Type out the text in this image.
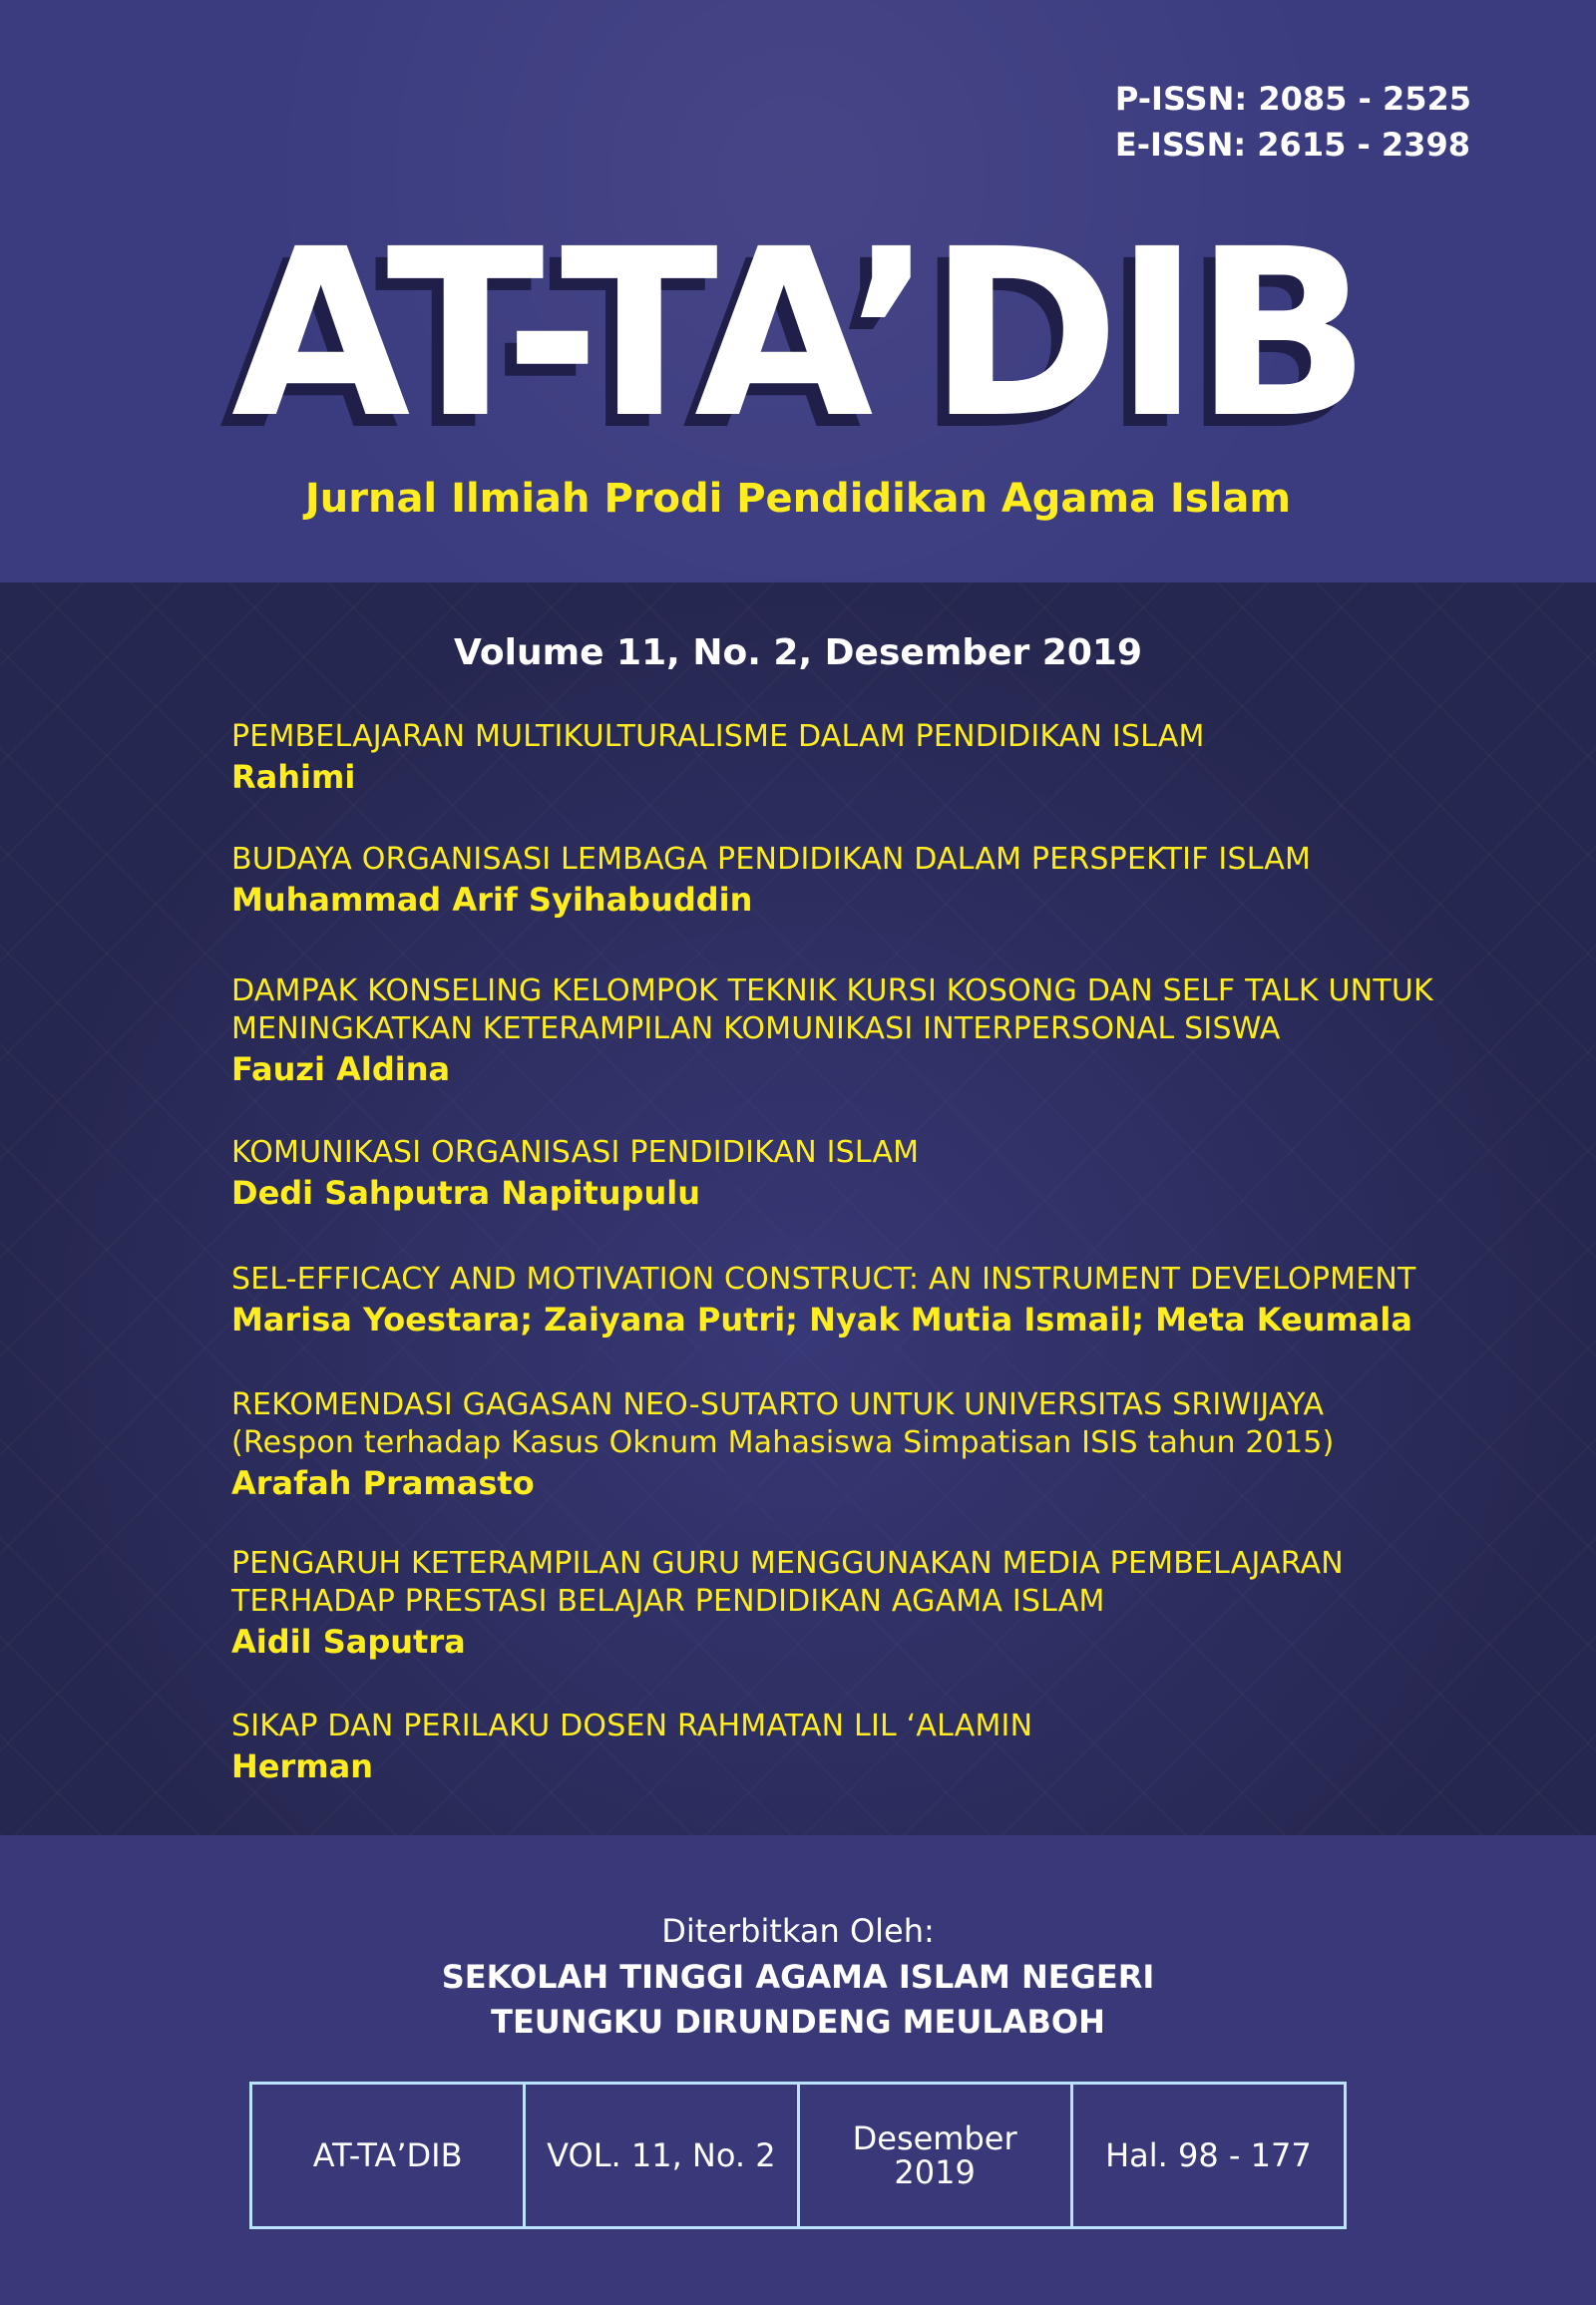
P-ISSN: 2085 - 2525
E-ISSN: 2615 - 2398
AT-TA’DIB
Jurnal Ilmiah Prodi Pendidikan Agama Islam
Volume 11, No. 2, Desember 2019
PEMBELAJARAN MULTIKULTURALISME DALAM PENDIDIKAN ISLAM
Rahimi
BUDAYA ORGANISASI LEMBAGA PENDIDIKAN DALAM PERSPEKTIF ISLAM
Muhammad Arif Syihabuddin
DAMPAK KONSELING KELOMPOK TEKNIK KURSI KOSONG DAN SELF TALK UNTUK
MENINGKATKAN KETERAMPILAN KOMUNIKASI INTERPERSONAL SISWA
Fauzi Aldina
KOMUNIKASI ORGANISASI PENDIDIKAN ISLAM
Dedi Sahputra Napitupulu
SEL-EFFICACY AND MOTIVATION CONSTRUCT: AN INSTRUMENT DEVELOPMENT
Marisa Yoestara; Zaiyana Putri; Nyak Mutia Ismail; Meta Keumala
REKOMENDASI GAGASAN NEO-SUTARTO UNTUK UNIVERSITAS SRIWIJAYA
(Respon terhadap Kasus Oknum Mahasiswa Simpatisan ISIS tahun 2015)
Arafah Pramasto
PENGARUH KETERAMPILAN GURU MENGGUNAKAN MEDIA PEMBELAJARAN
TERHADAP PRESTASI BELAJAR PENDIDIKAN AGAMA ISLAM
Aidil Saputra
SIKAP DAN PERILAKU DOSEN RAHMATAN LIL ‘ALAMIN
Herman
Diterbitkan Oleh:
SEKOLAH TINGGI AGAMA ISLAM NEGERI
TEUNGKU DIRUNDENG MEULABOH
AT-TA’DIB	VOL. 11, No. 2 Desember
2019	Hal. 98 - 177
